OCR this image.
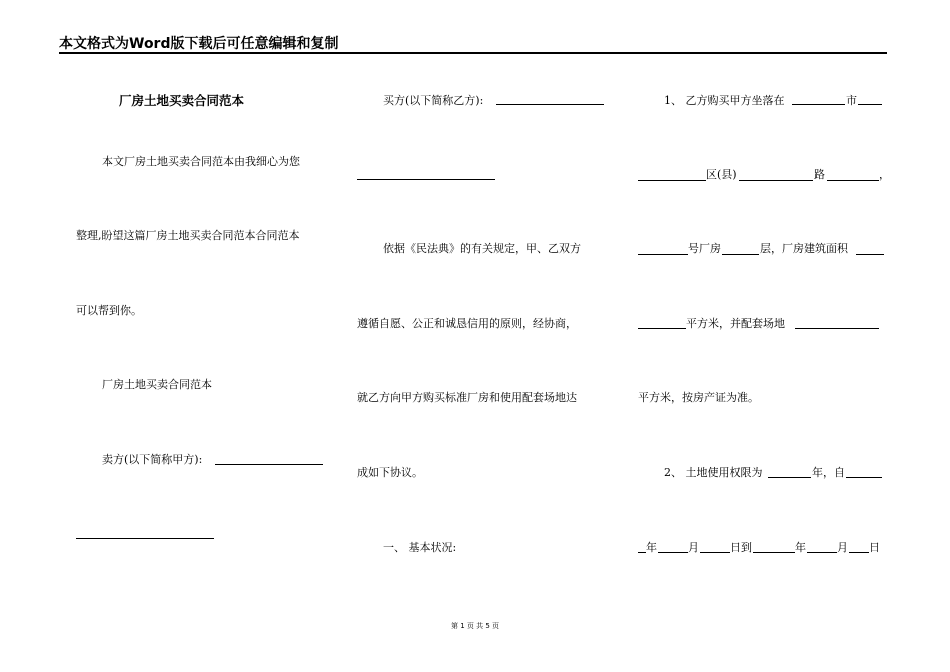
本文格式为Word版下载后可任意编辑和复制
厂房土地买卖合同范本
本文厂房土地买卖合同范本由我细心为您
整理,盼望这篇厂房土地买卖合同范本合同范本
可以帮到你。
厂房土地买卖合同范本
卖方(以下简称甲方):
买方(以下简称乙方):
依据《民法典》的有关规定，甲、乙双方
遵循自愿、公正和诚恳信用的原则，经协商，
就乙方向甲方购买标准厂房和使用配套场地达
成如下协议。
一、 基本状况:
1、 乙方购买甲方坐落在	市
区(县)	路	，
号厂房	层，厂房建筑面积
平方米，并配套场地
平方米，按房产证为准。
2、 土地使用权限为	年，自
年	月	日到	年	月 日
第 1 页 共 5 页
